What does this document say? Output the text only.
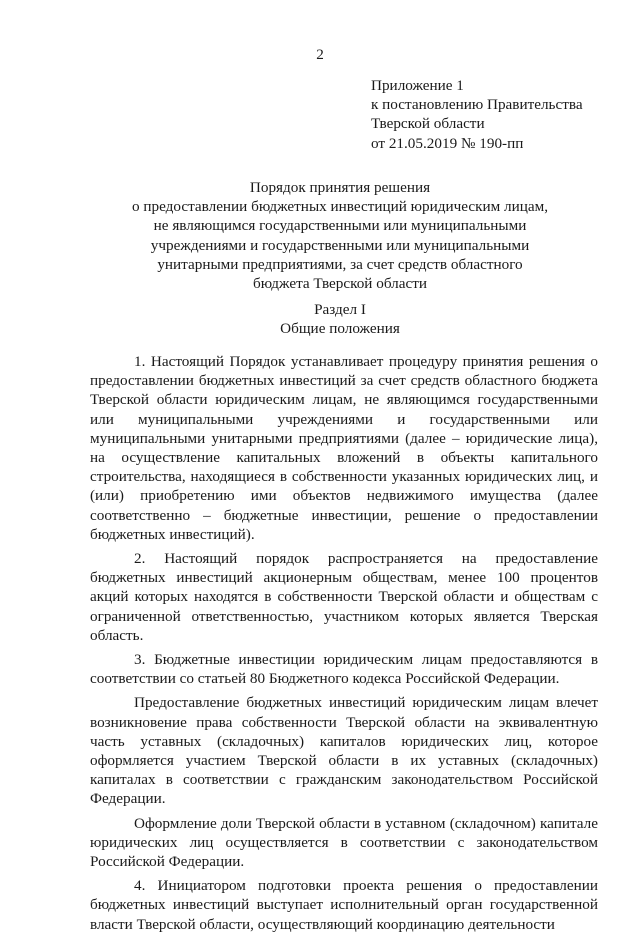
2
Приложение 1
к постановлению Правительства
Тверской области
от 21.05.2019 № 190-пп
Порядок принятия решения
о предоставлении бюджетных инвестиций юридическим лицам,
не являющимся государственными или муниципальными
учреждениями и государственными или муниципальными
унитарными предприятиями, за счет средств областного
бюджета Тверской области
Раздел I
Общие положения

1. Настоящий Порядок устанавливает процедуру принятия решения о предоставлении бюджетных инвестиций за счет средств областного бюджета Тверской области юридическим лицам, не являющимся государственными или муниципальными учреждениями и государственными или муниципальными унитарными предприятиями (далее – юридические лица), на осуществление капитальных вложений в объекты капитального строительства, находящиеся в собственности указанных юридических лиц, и (или) приобретению ими объектов недвижимого имущества (далее соответственно – бюджетные инвестиции, решение о предоставлении бюджетных инвестиций).

2. Настоящий порядок распространяется на предоставление бюджетных инвестиций акционерным обществам, менее 100 процентов акций которых находятся в собственности Тверской области и обществам с ограниченной ответственностью, участником которых является Тверская область.

3. Бюджетные инвестиции юридическим лицам предоставляются в соответствии со статьей 80 Бюджетного кодекса Российской Федерации.

Предоставление бюджетных инвестиций юридическим лицам влечет возникновение права собственности Тверской области на эквивалентную часть уставных (складочных) капиталов юридических лиц, которое оформляется участием Тверской области в их уставных (складочных) капиталах в соответствии с гражданским законодательством Российской Федерации.

Оформление доли Тверской области в уставном (складочном) капитале юридических лиц осуществляется в соответствии с законодательством Российской Федерации.

4. Инициатором подготовки проекта решения о предоставлении бюджетных инвестиций выступает исполнительный орган государственной власти Тверской области, осуществляющий координацию деятельности
